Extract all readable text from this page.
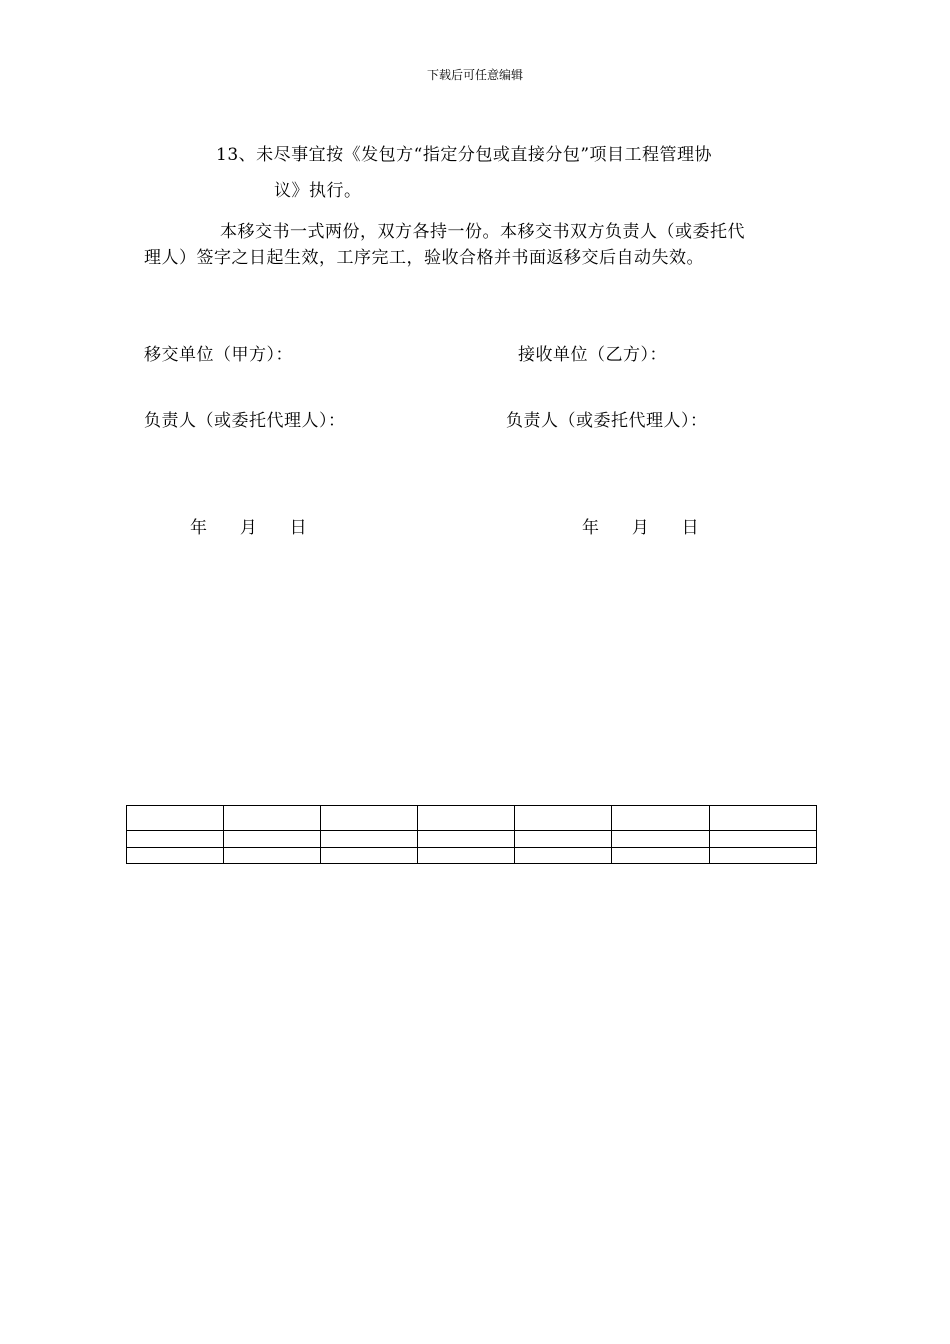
下载后可任意编辑
13、未尽事宜按《发包方“指定分包或直接分包”项目工程管理协
议》执行。
本移交书一式两份，双方各持一份。本移交书双方负责人（或委托代
理人）签字之日起生效，工序完工，验收合格并书面返移交后自动失效。
移交单位（甲方）：	接收单位（乙方）：
负责人（或委托代理人）：	负责人（或委托代理人）：
年 月 日	年 月 日
